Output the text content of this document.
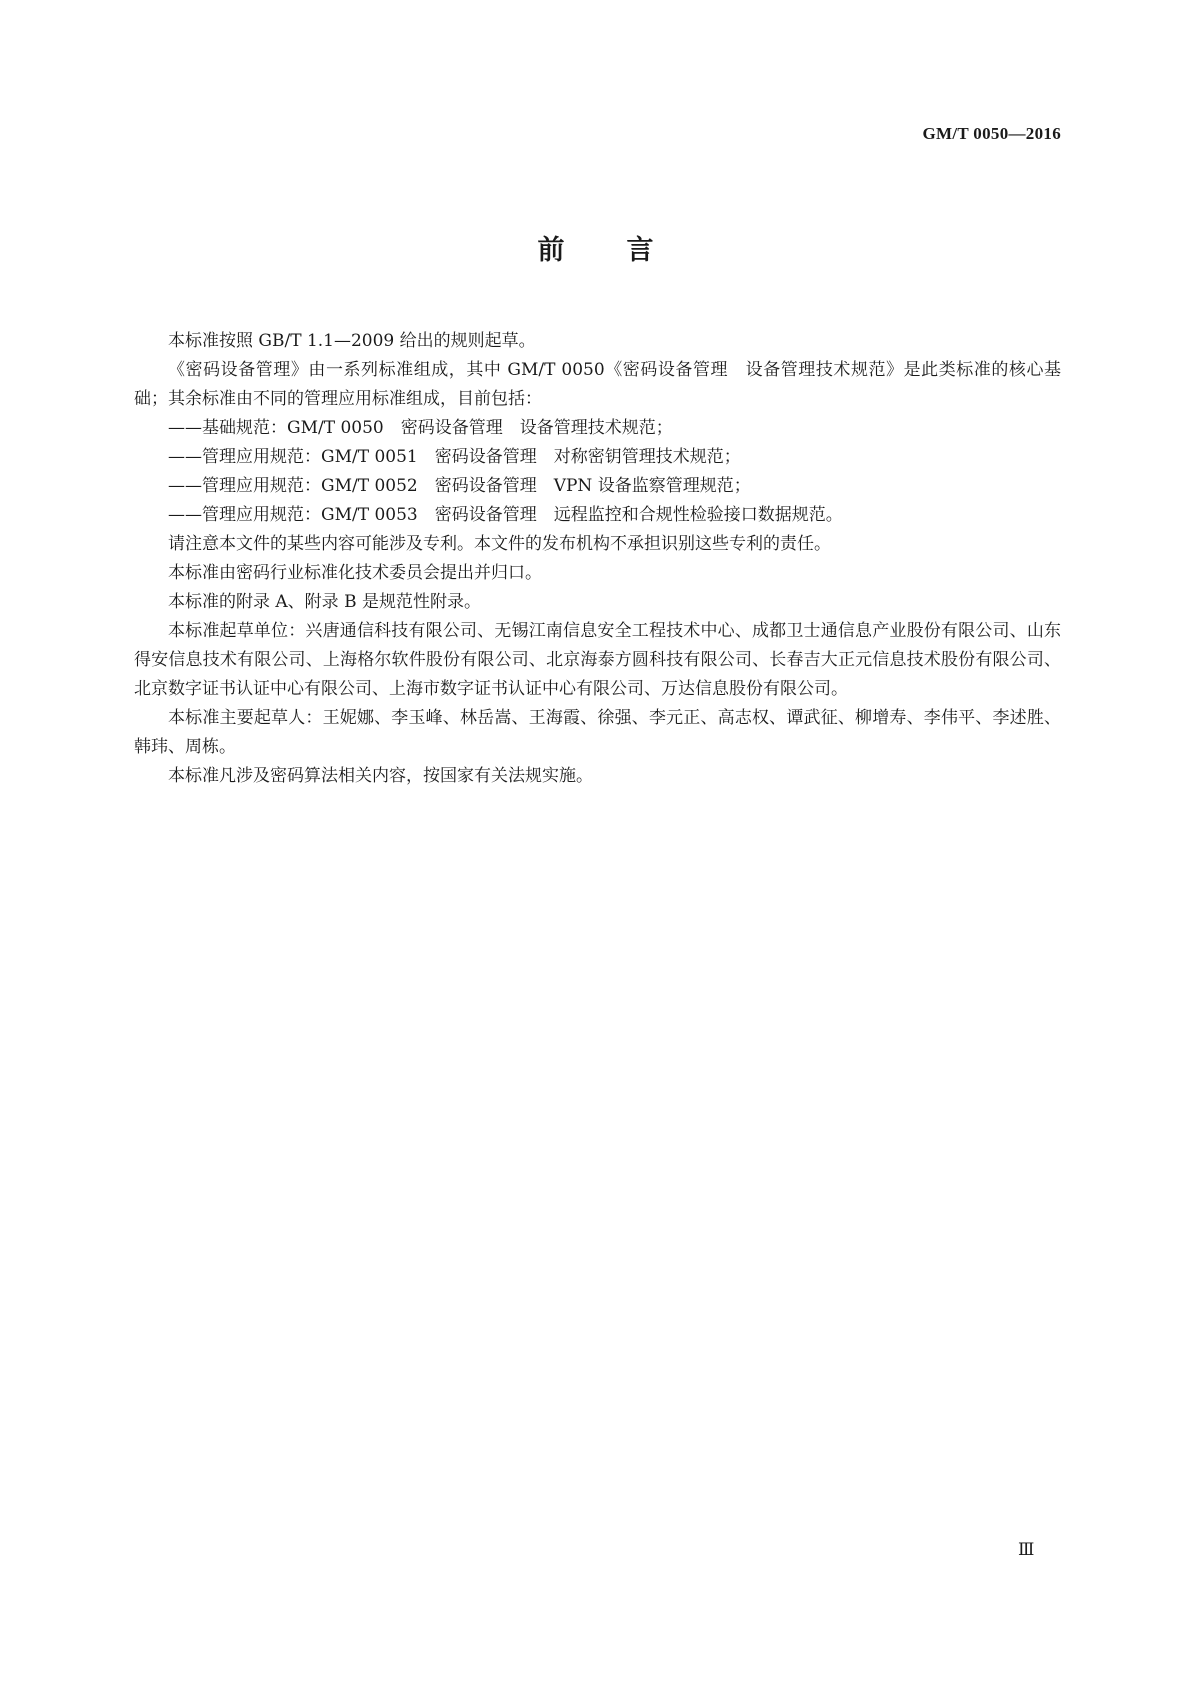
GM/T 0050—2016
前言

本标准按照 GB/T 1.1—2009 给出的规则起草。

《密码设备管理》由一系列标准组成，其中 GM/T 0050《密码设备管理　设备管理技术规范》是此类标准的核心基础；其余标准由不同的管理应用标准组成，目前包括：

——基础规范：GM/T 0050　密码设备管理　设备管理技术规范；

——管理应用规范：GM/T 0051　密码设备管理　对称密钥管理技术规范；

——管理应用规范：GM/T 0052　密码设备管理　VPN 设备监察管理规范；

——管理应用规范：GM/T 0053　密码设备管理　远程监控和合规性检验接口数据规范。

请注意本文件的某些内容可能涉及专利。本文件的发布机构不承担识别这些专利的责任。

本标准由密码行业标准化技术委员会提出并归口。

本标准的附录 A、附录 B 是规范性附录。

本标准起草单位：兴唐通信科技有限公司、无锡江南信息安全工程技术中心、成都卫士通信息产业股份有限公司、山东得安信息技术有限公司、上海格尔软件股份有限公司、北京海泰方圆科技有限公司、长春吉大正元信息技术股份有限公司、北京数字证书认证中心有限公司、上海市数字证书认证中心有限公司、万达信息股份有限公司。

本标准主要起草人：王妮娜、李玉峰、林岳嵩、王海霞、徐强、李元正、高志权、谭武征、柳增寿、李伟平、李述胜、韩玮、周栋。

本标准凡涉及密码算法相关内容，按国家有关法规实施。

Ⅲ
